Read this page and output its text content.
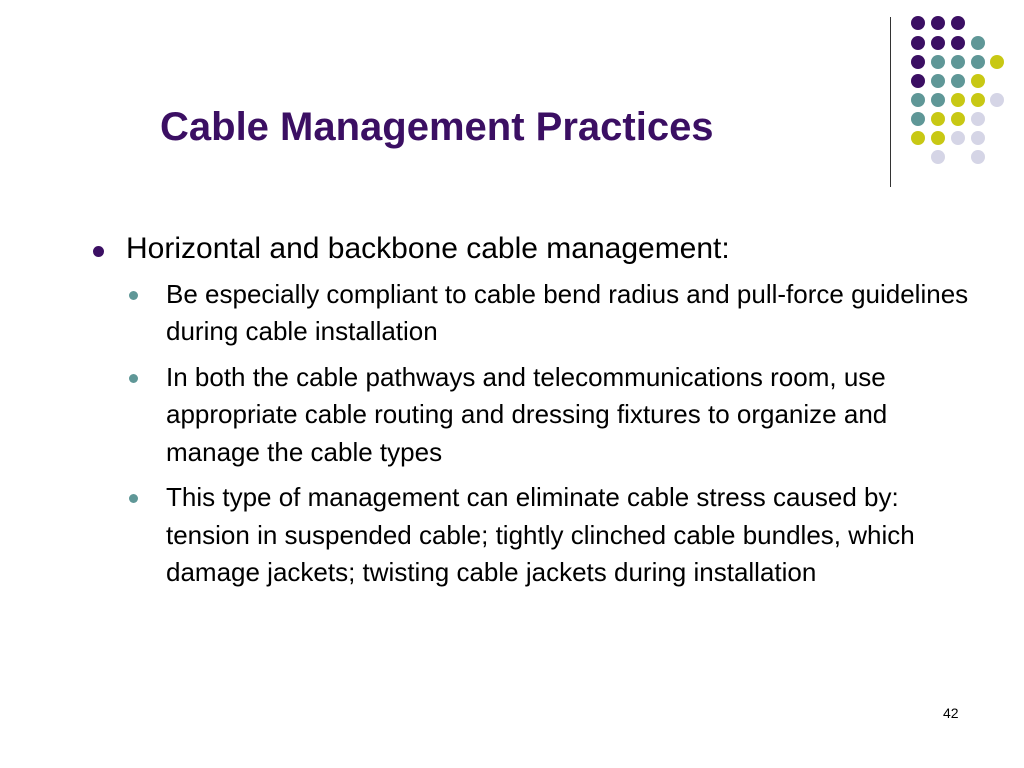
Cable Management Practices
Horizontal and backbone cable management:
Be especially compliant to cable bend radius and pull-force guidelines during cable installation
In both the cable pathways and telecommunications room, use appropriate cable routing and dressing fixtures to organize and manage the cable types
This type of management can eliminate cable stress caused by: tension in suspended cable; tightly clinched cable bundles, which damage jackets; twisting cable jackets during installation
42
